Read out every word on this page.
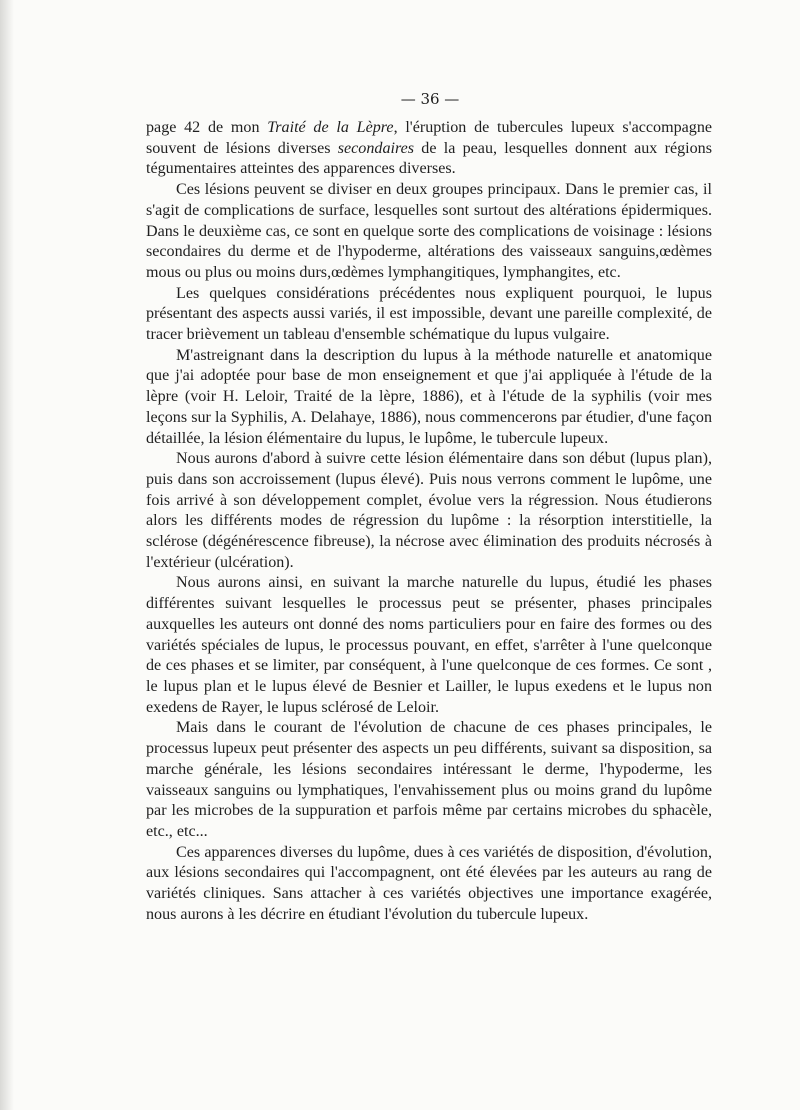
— 36 —

page 42 de mon Traité de la Lèpre, l'éruption de tubercules lupeux s'accompagne souvent de lésions diverses secondaires de la peau, lesquelles donnent aux régions tégumentaires atteintes des apparences diverses.

Ces lésions peuvent se diviser en deux groupes principaux. Dans le premier cas, il s'agit de complications de surface, lesquelles sont surtout des altérations épidermiques. Dans le deuxième cas, ce sont en quelque sorte des complications de voisinage : lésions secondaires du derme et de l'hypoderme, altérations des vaisseaux sanguins,œdèmes mous ou plus ou moins durs,œdèmes lymphangitiques, lymphangites, etc.

Les quelques considérations précédentes nous expliquent pourquoi, le lupus présentant des aspects aussi variés, il est impossible, devant une pareille complexité, de tracer brièvement un tableau d'ensemble schématique du lupus vulgaire.

M'astreignant dans la description du lupus à la méthode naturelle et anatomique que j'ai adoptée pour base de mon enseignement et que j'ai appliquée à l'étude de la lèpre (voir H. Leloir, Traité de la lèpre, 1886), et à l'étude de la syphilis (voir mes leçons sur la Syphilis, A. Delahaye, 1886), nous commencerons par étudier, d'une façon détaillée, la lésion élémentaire du lupus, le lupôme, le tubercule lupeux.

Nous aurons d'abord à suivre cette lésion élémentaire dans son début (lupus plan), puis dans son accroissement (lupus élevé). Puis nous verrons comment le lupôme, une fois arrivé à son développement complet, évolue vers la régression. Nous étudierons alors les différents modes de régression du lupôme : la résorption interstitielle, la sclérose (dégénérescence fibreuse), la nécrose avec élimination des produits nécrosés à l'extérieur (ulcération).

Nous aurons ainsi, en suivant la marche naturelle du lupus, étudié les phases différentes suivant lesquelles le processus peut se présenter, phases principales auxquelles les auteurs ont donné des noms particuliers pour en faire des formes ou des variétés spéciales de lupus, le processus pouvant, en effet, s'arrêter à l'une quelconque de ces phases et se limiter, par conséquent, à l'une quelconque de ces formes. Ce sont , le lupus plan et le lupus élevé de Besnier et Lailler, le lupus exedens et le lupus non exedens de Rayer, le lupus sclérosé de Leloir.

Mais dans le courant de l'évolution de chacune de ces phases principales, le processus lupeux peut présenter des aspects un peu différents, suivant sa disposition, sa marche générale, les lésions secondaires intéressant le derme, l'hypoderme, les vaisseaux sanguins ou lymphatiques, l'envahissement plus ou moins grand du lupôme par les microbes de la suppuration et parfois même par certains microbes du sphacèle, etc., etc...

Ces apparences diverses du lupôme, dues à ces variétés de disposition, d'évolution, aux lésions secondaires qui l'accompagnent, ont été élevées par les auteurs au rang de variétés cliniques. Sans attacher à ces variétés objectives une importance exagérée, nous aurons à les décrire en étudiant l'évolution du tubercule lupeux.
